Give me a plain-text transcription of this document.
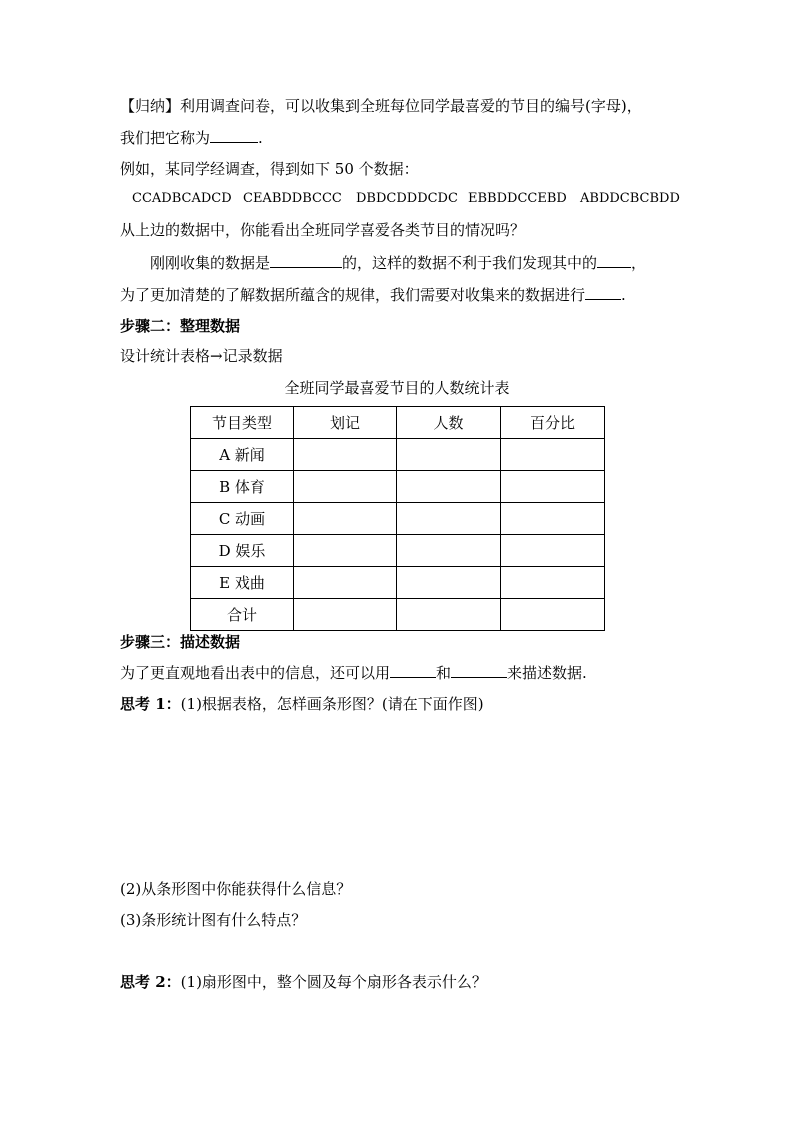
【归纳】利用调查问卷，可以收集到全班每位同学最喜爱的节目的编号(字母)，
我们把它称为	.
例如，某同学经调查，得到如下 50 个数据：
CCADBCADCD CEABDDBCCC DBDCDDDCDC EBBDDCCEBD ABDDCBCBDD
从上边的数据中，你能看出全班同学喜爱各类节目的情况吗？
刚刚收集的数据是	的，这样的数据不利于我们发现其中的 ，
为了更加清楚的了解数据所蕴含的规律，我们需要对收集来的数据进行 .
步骤二：整理数据
设计统计表格→记录数据
全班同学最喜爱节目的人数统计表
节目类型	划记	人数	百分比
A 新闻			
B 体育			
C 动画			
D 娱乐			
E 戏曲			
合计			
步骤三：描述数据
为了更直观地看出表中的信息，还可以用	和	来描述数据.
思考 1：(1)根据表格，怎样画条形图？(请在下面作图)
(2)从条形图中你能获得什么信息？
(3)条形统计图有什么特点？
思考 2：(1)扇形图中，整个圆及每个扇形各表示什么？
